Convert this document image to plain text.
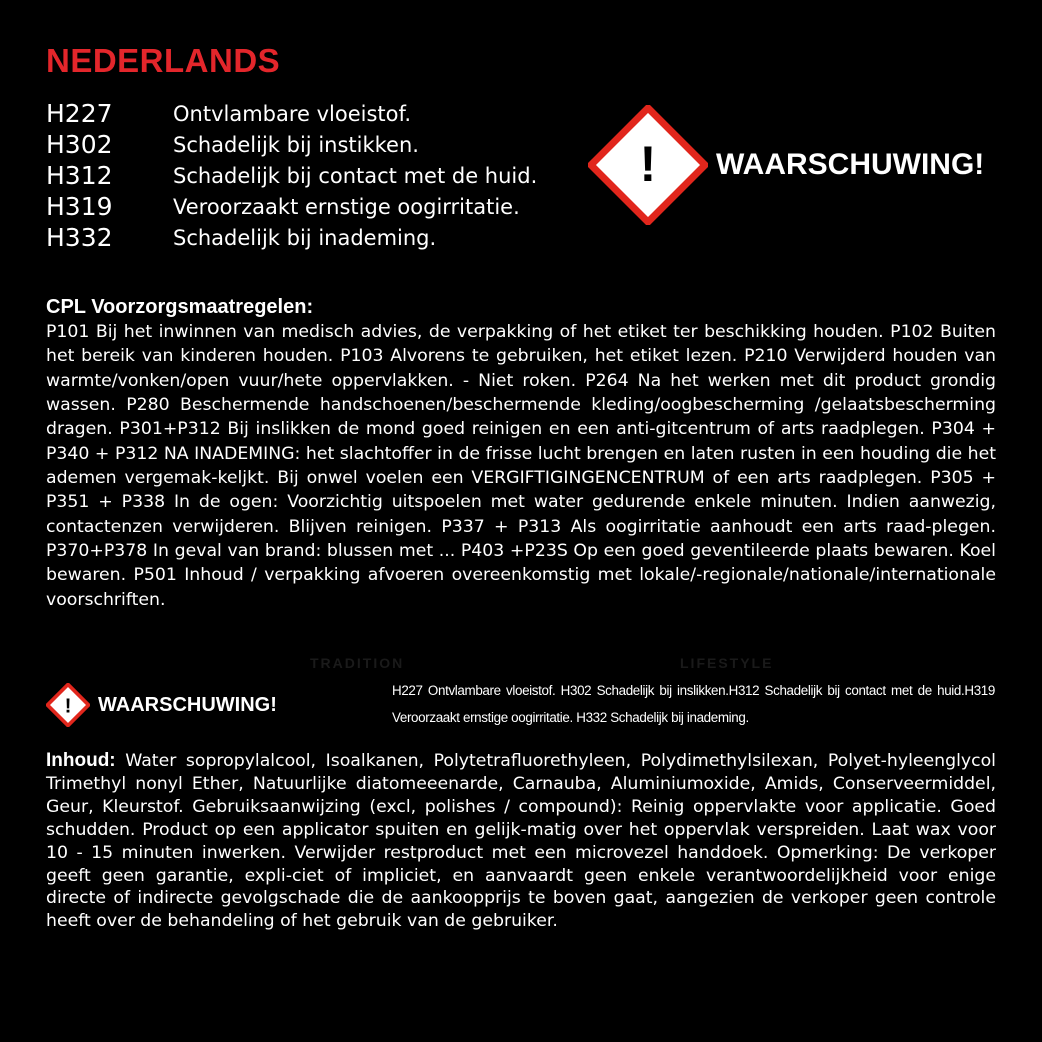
TRADITION	LIFESTYLE
NEDERLANDS
H227	Ontvlambare vloeistof.
H302	Schadelijk bij instikken.
H312	Schadelijk bij contact met de huid.
H319	Veroorzaakt ernstige oogirritatie.
H332	Schadelijk bij inademing.
! WAARSCHUWING!
CPL Voorzorgsmaatregelen:

P101 Bij het inwinnen van medisch advies, de verpakking of het etiket ter beschikking houden. P102 Buiten het bereik van kinderen houden. P103 Alvorens te gebruiken, het etiket lezen. P210 Verwijderd houden van warmte/vonken/open vuur/hete oppervlakken. - Niet roken. P264 Na het werken met dit product grondig wassen. P280 Beschermende handschoenen/beschermende kleding/oogbescherming /gelaatsbescherming dragen. P301+P312 Bij inslikken de mond goed reinigen en een anti-gitcentrum of arts raadplegen. P304 + P340 + P312 NA INADEMING: het slachtoffer in de frisse lucht brengen en laten rusten in een houding die het ademen vergemak-keljkt. Bij onwel voelen een VERGIFTIGINGENCENTRUM of een arts raadplegen. P305 + P351 + P338 In de ogen: Voorzichtig uitspoelen met water gedurende enkele minuten. Indien aanwezig, contactenzen verwijderen. Blijven reinigen. P337 + P313 Als oogirritatie aanhoudt een arts raad-plegen. P370+P378 In geval van brand: blussen met ... P403 +P23S Op een goed geventileerde plaats bewaren. Koel bewaren. P501 Inhoud / verpakking afvoeren overeenkomstig met lokale/-regionale/nationale/internationale voorschriften.

! WAARSCHUWING!

H227 Ontvlambare vloeistof. H302 Schadelijk bij inslikken.H312 Schadelijk bij contact met de huid.H319 Veroorzaakt ernstige oogirritatie. H332 Schadelijk bij inademing.

Inhoud: Water sopropylalcool, Isoalkanen, Polytetrafluorethyleen, Polydimethylsilexan, Polyet-hyleenglycol Trimethyl nonyl Ether, Natuurlijke diatomeeenarde, Carnauba, Aluminiumoxide, Amids, Conserveermiddel, Geur, Kleurstof. Gebruiksaanwijzing (excl, polishes / compound): Reinig oppervlakte voor applicatie. Goed schudden. Product op een applicator spuiten en gelijk-matig over het oppervlak verspreiden. Laat wax voor 10 - 15 minuten inwerken. Verwijder restproduct met een microvezel handdoek. Opmerking: De verkoper geeft geen garantie, expli-ciet of impliciet, en aanvaardt geen enkele verantwoordelijkheid voor enige directe of indirecte gevolgschade die de aankoopprijs te boven gaat, aangezien de verkoper geen controle heeft over de behandeling of het gebruik van de gebruiker.
